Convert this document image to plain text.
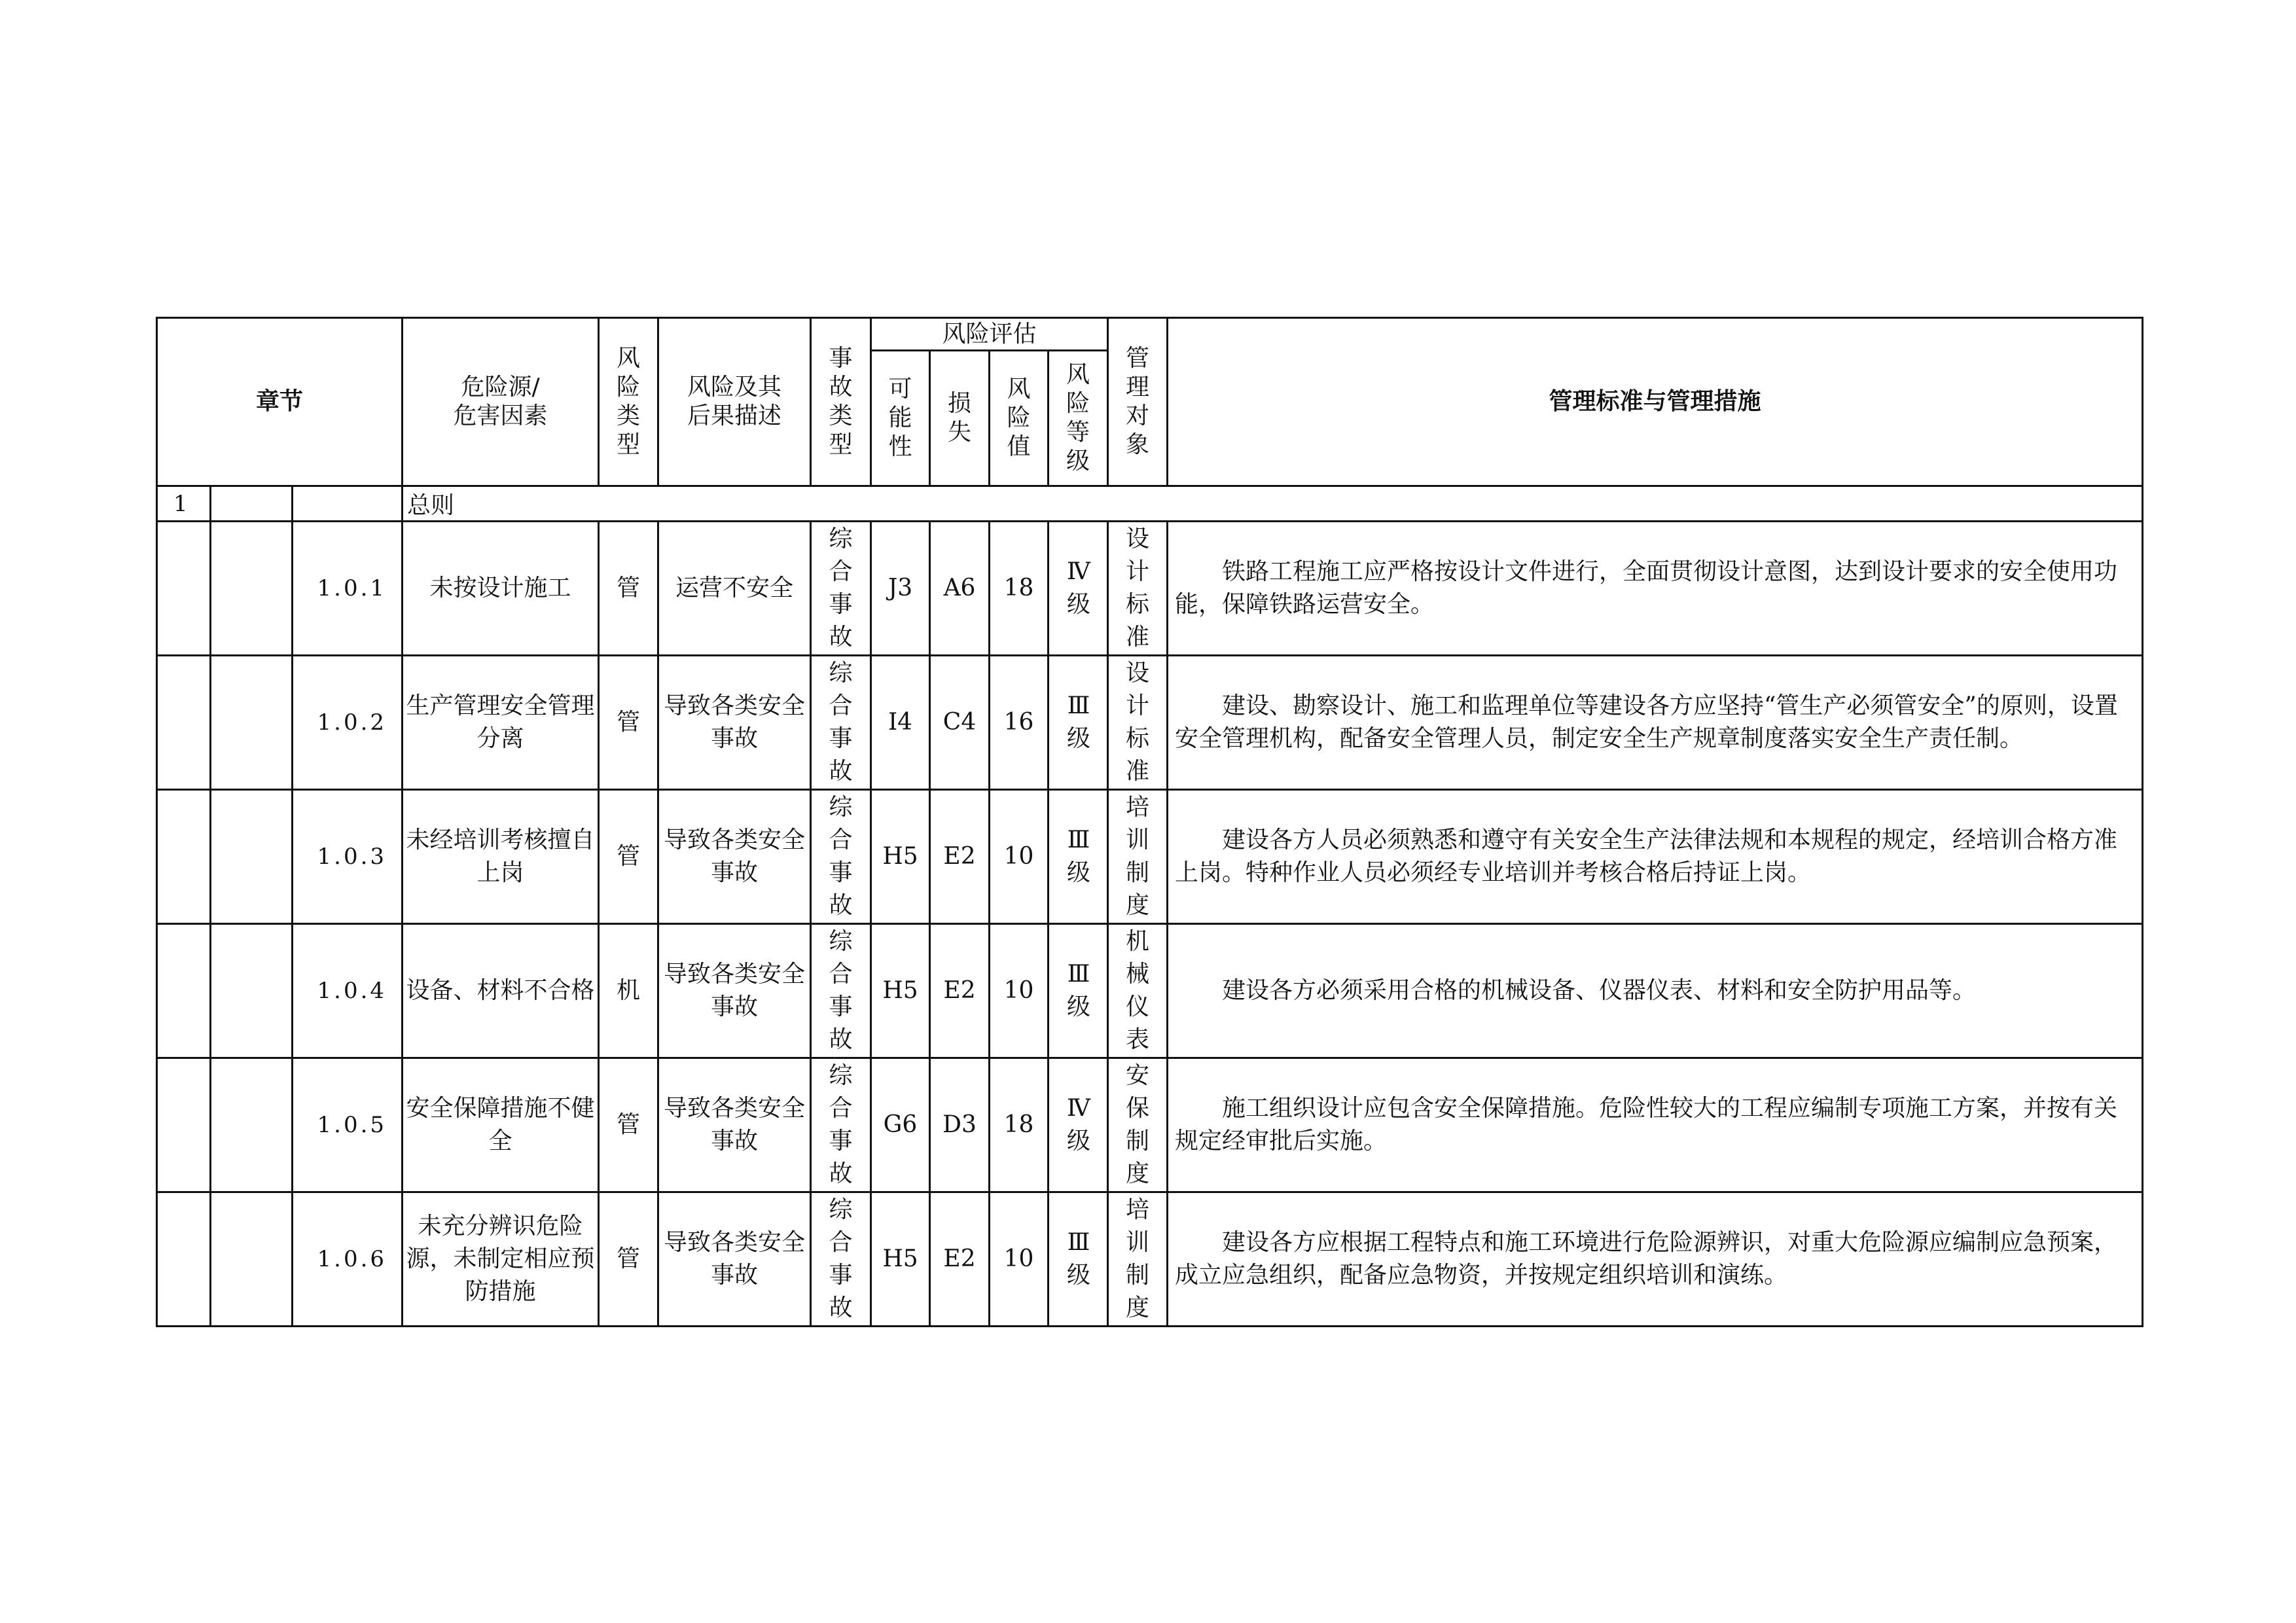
章节			危险源/
危害因素	风险类型	风险及其
后果描述	事故类型	风险评估				管理对象	管理标准与管理措施
							可能性	损失	风险值	风险等级		
1			总则									
		1.0.1	未按设计施工	管	运营不安全	综合事故	J3	A6	18	Ⅳ级	设计标准	铁路工程施工应严格按设计文件进行，全面贯彻设计意图，达到设计要求的安全使用功能，保障铁路运营安全。
		1.0.2	生产管理安全管理分离	管	导致各类安全事故	综合事故	I4	C4	16	Ⅲ级	设计标准	建设、勘察设计、施工和监理单位等建设各方应坚持“管生产必须管安全”的原则，设置安全管理机构，配备安全管理人员，制定安全生产规章制度落实安全生产责任制。
		1.0.3	未经培训考核擅自上岗	管	导致各类安全事故	综合事故	H5	E2	10	Ⅲ级	培训制度	建设各方人员必须熟悉和遵守有关安全生产法律法规和本规程的规定，经培训合格方准上岗。特种作业人员必须经专业培训并考核合格后持证上岗。
		1.0.4	设备、材料不合格	机	导致各类安全事故	综合事故	H5	E2	10	Ⅲ级	机械仪表	建设各方必须采用合格的机械设备、仪器仪表、材料和安全防护用品等。
		1.0.5	安全保障措施不健全	管	导致各类安全事故	综合事故	G6	D3	18	Ⅳ级	安保制度	施工组织设计应包含安全保障措施。危险性较大的工程应编制专项施工方案，并按有关规定经审批后实施。
		1.0.6	未充分辨识危险源，未制定相应预防措施	管	导致各类安全事故	综合事故	H5	E2	10	Ⅲ级	培训制度	建设各方应根据工程特点和施工环境进行危险源辨识，对重大危险源应编制应急预案，成立应急组织，配备应急物资，并按规定组织培训和演练。
